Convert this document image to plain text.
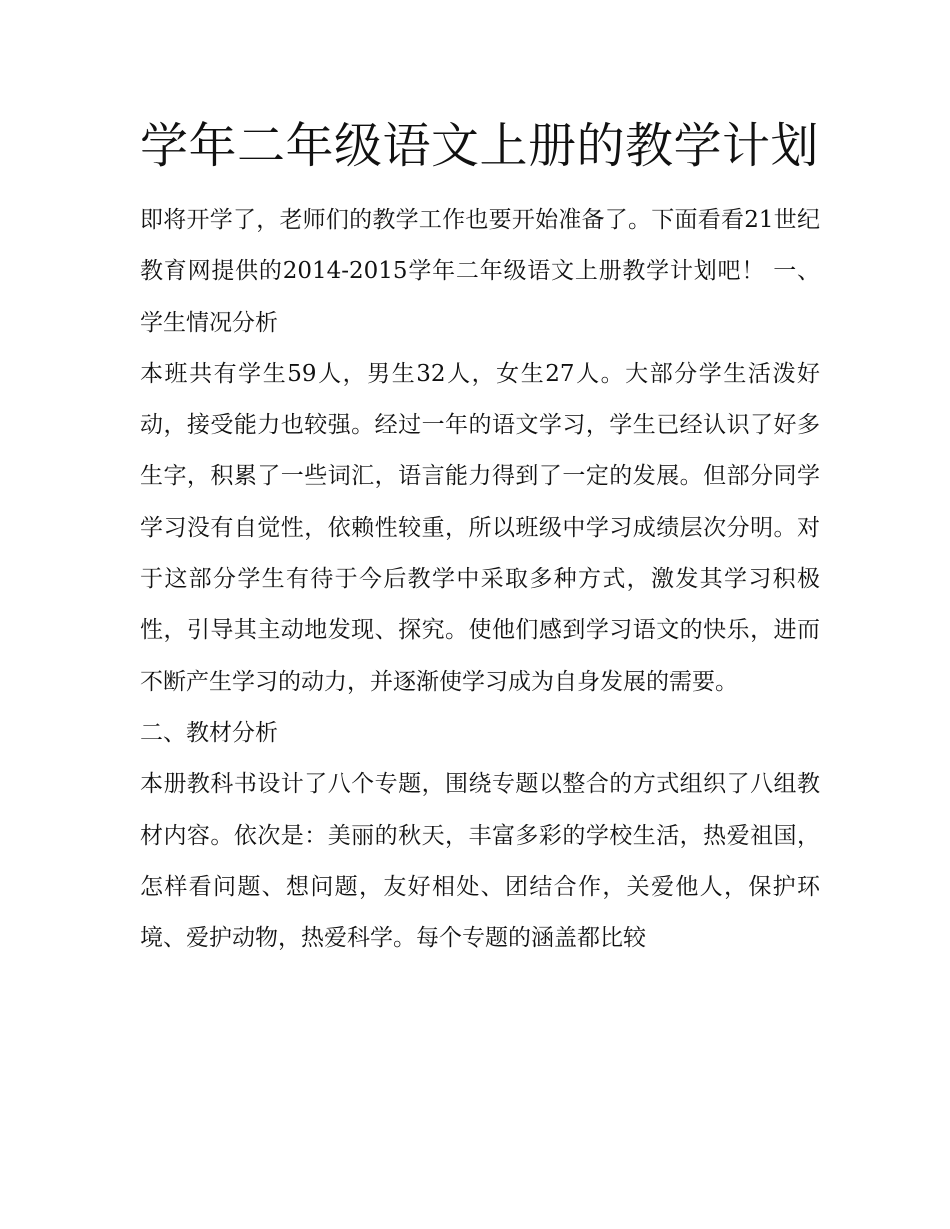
学年二年级语文上册的教学计划

即将开学了，老师们的教学工作也要开始准备了。下面看看21世纪教育网提供的2014-2015学年二年级语文上册教学计划吧！ 一、学生情况分析

本班共有学生59人，男生32人，女生27人。大部分学生活泼好动，接受能力也较强。经过一年的语文学习，学生已经认识了好多生字，积累了一些词汇，语言能力得到了一定的发展。但部分同学学习没有自觉性，依赖性较重，所以班级中学习成绩层次分明。对于这部分学生有待于今后教学中采取多种方式，激发其学习积极性，引导其主动地发现、探究。使他们感到学习语文的快乐，进而不断产生学习的动力，并逐渐使学习成为自身发展的需要。

二、教材分析

本册教科书设计了八个专题，围绕专题以整合的方式组织了八组教材内容。依次是：美丽的秋天，丰富多彩的学校生活，热爱祖国，怎样看问题、想问题，友好相处、团结合作，关爱他人，保护环境、爱护动物，热爱科学。每个专题的涵盖都比较
